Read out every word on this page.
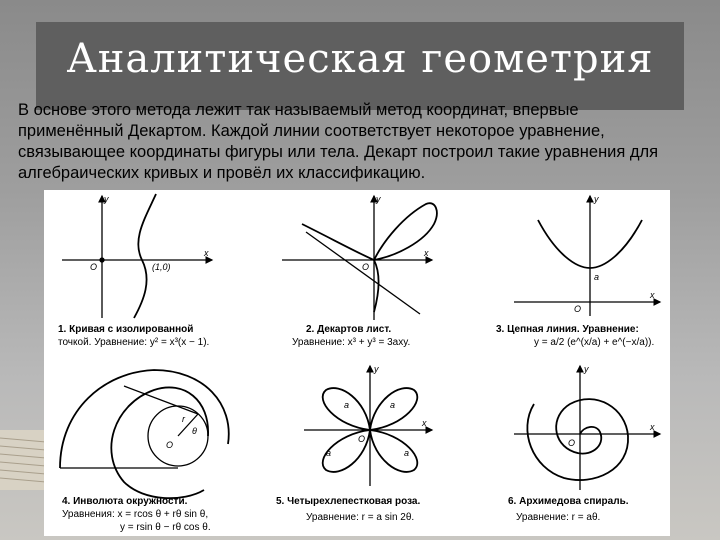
Аналитическая геометрия
В основе этого метода лежит так называемый метод координат, впервые применённый Декартом. Каждой линии соответствует некоторое уравнение, связывающее координаты фигуры или тела. Декарт построил такие уравнения для алгебраических кривых и провёл их классификацию.
y
x
O	(1,0)
1. Кривая с изолированной
точкой. Уравнение: y² = x³(x − 1).
y
x
O
2. Декартов лист.
Уравнение: x³ + y³ = 3axy.
y
x
O
a
3. Цепная линия. Уравнение:
y = a/2 (e^(x/a) + e^(−x/a)).
O
θ
r
4. Инволюта окружности.
Уравнения: x = rcos θ + rθ sin θ,
y = rsin θ − rθ cos θ.
y
x
O
a	a
a	a
5. Четырехлепестковая роза.
Уравнение: r = a sin 2θ.
y
x
O
6. Архимедова спираль.
Уравнение: r = aθ.
